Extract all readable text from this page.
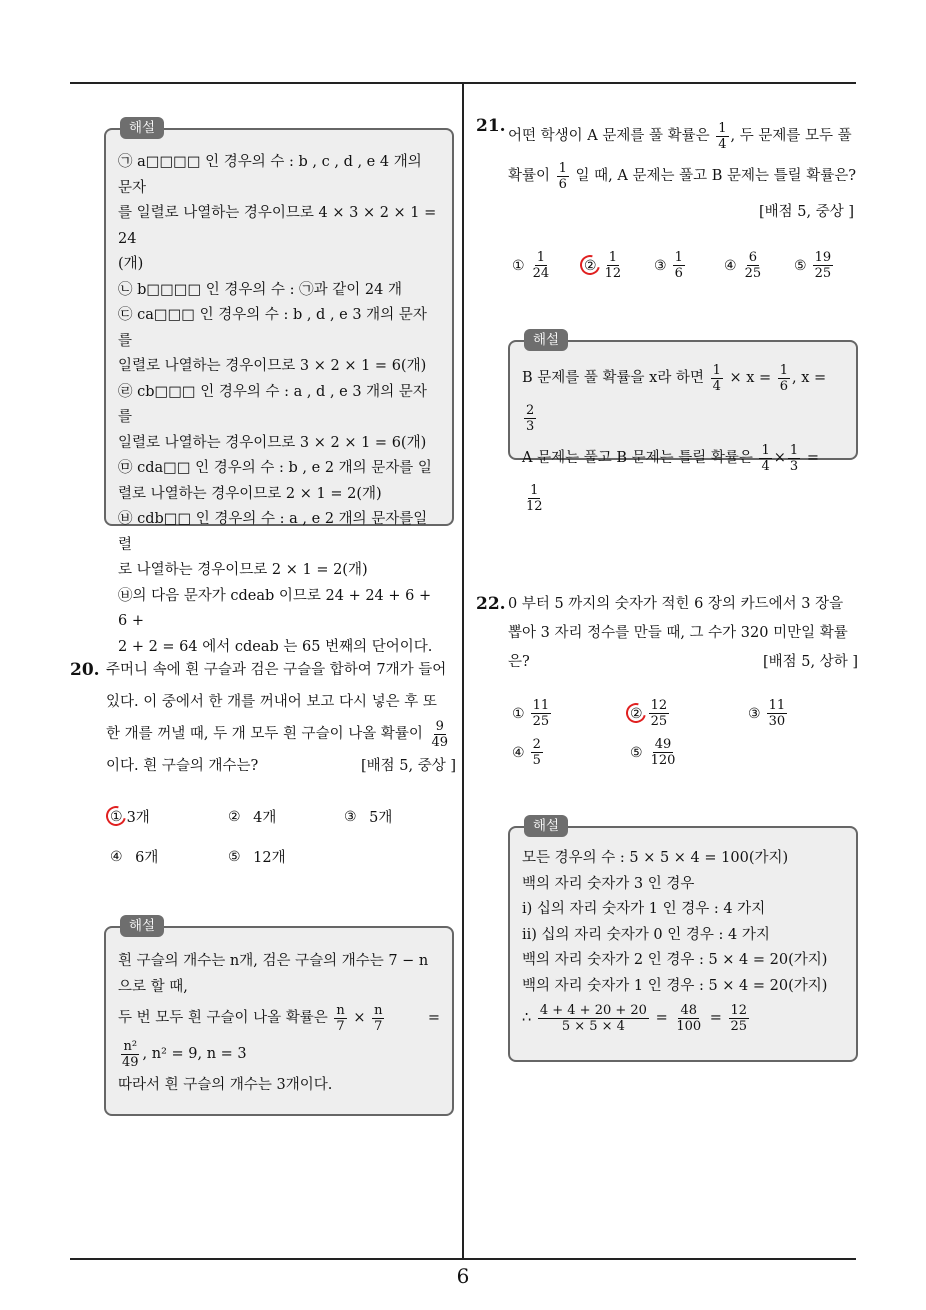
해설
㉠ a□□□□ 인 경우의 수 : b , c , d , e 4 개의 문자
를 일렬로 나열하는 경우이므로 4 × 3 × 2 × 1 = 24
(개)
㉡ b□□□□ 인 경우의 수 : ㉠과 같이 24 개
㉢ ca□□□ 인 경우의 수 : b , d , e 3 개의 문자를
일렬로 나열하는 경우이므로 3 × 2 × 1 = 6(개)
㉣ cb□□□ 인 경우의 수 : a , d , e 3 개의 문자를
일렬로 나열하는 경우이므로 3 × 2 × 1 = 6(개)
㉤ cda□□ 인 경우의 수 : b , e 2 개의 문자를 일
렬로 나열하는 경우이므로 2 × 1 = 2(개)
㉥ cdb□□ 인 경우의 수 : a , e 2 개의 문자를일렬
로 나열하는 경우이므로 2 × 1 = 2(개)
㉥의 다음 문자가 cdeab 이므로 24 + 24 + 6 + 6 +
2 + 2 = 64 에서 cdeab 는 65 번째의 단어이다.
20. 주머니 속에 흰 구슬과 검은 구슬을 합하여 7개가 들어
있다. 이 중에서 한 개를 꺼내어 보고 다시 넣은 후 또
한 개를 꺼낼 때, 두 개 모두 흰 구슬이 나올 확률이 $\frac{9}{49}$
이다. 흰 구슬의 개수는?	[배점 5, 중상 ]
① 3개	②
4개	③
5개
④
6개	⑤
12개
해설
흰 구슬의 개수는 n개, 검은 구슬의 개수는 7 − n
으로 할 때,
두 번 모두 흰 구슬이 나올 확률은 $\frac{n}{7} \times \frac{n}{7}$	=
$\frac{\text{n²}}{49}$ , n² = 9, n = 3
따라서 흰 구슬의 개수는 3개이다.
21. 어떤 학생이 A 문제를 풀 확률은 $\frac{1}{4}$ , 두 문제를 모두 풀
확률이 $\frac{1}{6}$ 일 때, A 문제는 풀고 B 문제는 틀릴 확률은?
[배점 5, 중상 ]
① $\frac{1}{24}$ ② $\frac{1}{12}$ ③ $\frac{1}{6}$	④ $\frac{6}{25}$ ⑤ $\frac{19}{25}$
해설
B 문제를 풀 확률을 x라 하면 $\frac{1}{4} \times x = \frac{1}{6}$ , x =
$\frac{2}{3}$
A 문제는 풀고 B 문제는 틀릴 확률은 $\frac{1}{4} \times \frac{1}{3}$ =
$\frac{1}{12}$
22. 0 부터 5 까지의 숫자가 적힌 6 장의 카드에서 3 장을
뽑아 3 자리 정수를 만들 때, 그 수가 320 미만일 확률
은?	[배점 5, 상하 ]
① $\frac{11}{25}$	② $\frac{12}{25}$	③ $\frac{11}{30}$
④ $\frac{2}{5}$	⑤ $\frac{49}{120}$
해설
모든 경우의 수 : 5 × 5 × 4 = 100(가지)
백의 자리 숫자가 3 인 경우
ⅰ) 십의 자리 숫자가 1 인 경우 : 4 가지
ⅱ) 십의 자리 숫자가 0 인 경우 : 4 가지
백의 자리 숫자가 2 인 경우 : 5 × 4 = 20(가지)
백의 자리 숫자가 1 인 경우 : 5 × 4 = 20(가지)
∴ $\frac{4 + 4 + 20 + 20}{5 \times 5 \times 4} = \frac{48}{100} = \frac{12}{25}$
6
